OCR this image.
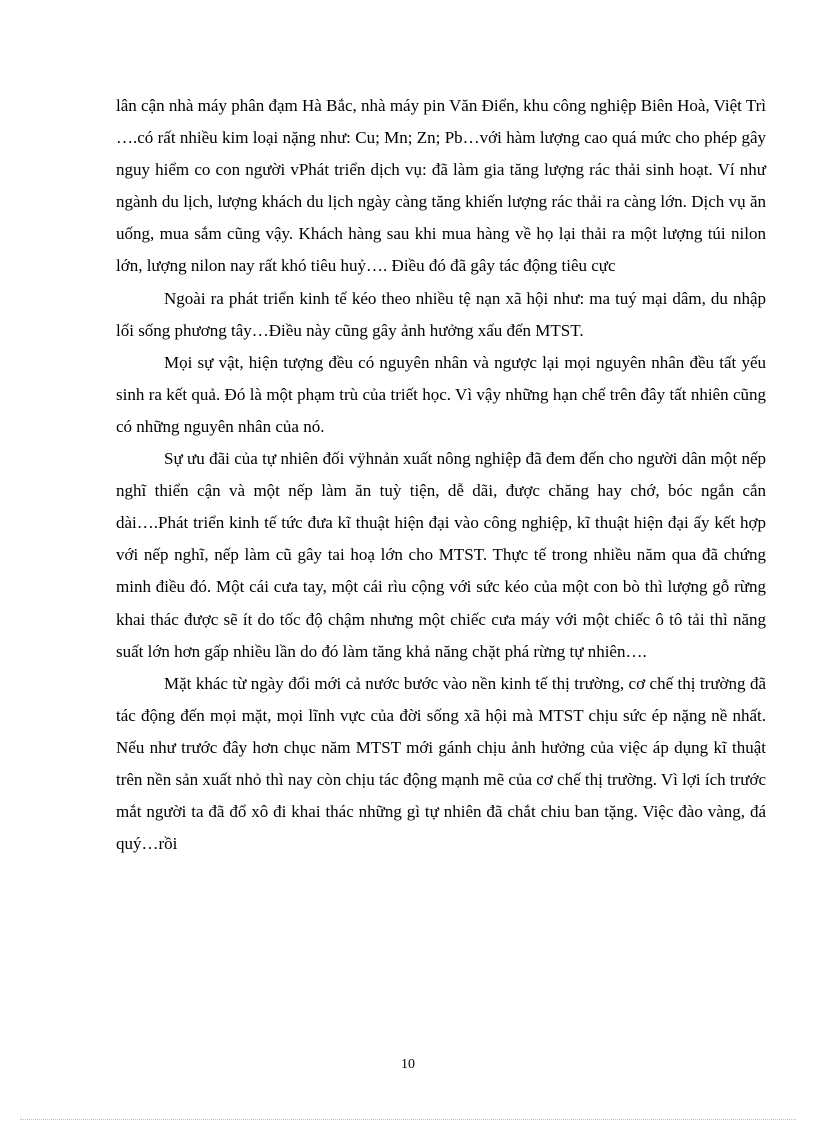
lân cận nhà máy phân đạm Hà Bắc, nhà máy pin Văn Điển, khu công nghiệp Biên Hoà, Việt Trì ….có rất nhiều kim loại nặng như: Cu; Mn; Zn; Pb…với hàm lượng cao quá mức cho phép gây nguy hiểm co con người vPhát triển dịch vụ: đã làm gia tăng lượng rác thải sinh hoạt. Ví như ngành du lịch, lượng khách du lịch ngày càng tăng khiến lượng rác thải ra càng lớn. Dịch vụ ăn uống, mua sắm cũng vậy. Khách hàng sau khi mua hàng về họ lại thải ra một lượng túi nilon lớn, lượng nilon nay rất khó tiêu huỷ…. Điều đó đã gây tác động tiêu cực

Ngoài ra phát triển kinh tế kéo theo nhiều tệ nạn xã hội như: ma tuý mại dâm, du nhập lối sống phương tây…Điều này cũng gây ảnh hưởng xấu đến MTST.

Mọi sự vật, hiện tượng đều có nguyên nhân và ngược lại mọi nguyên nhân đều tất yếu sinh ra kết quả. Đó là một phạm trù của triết học. Vì vậy những hạn chế trên đây tất nhiên cũng có những nguyên nhân của nó.

Sự ưu đãi của tự nhiên đối vÿhnản xuất nông nghiệp đã đem đến cho người dân một nếp nghĩ thiển cận và một nếp làm ăn tuỳ tiện, dễ dãi, được chăng hay chớ, bóc ngắn cắn dài….Phát triển kinh tế tức đưa kĩ thuật hiện đại vào công nghiệp, kĩ thuật hiện đại ấy kết hợp với nếp nghĩ, nếp làm cũ gây tai hoạ lớn cho MTST. Thực tế trong nhiều năm qua đã chứng minh điều đó. Một cái cưa tay, một cái rìu cộng với sức kéo của một con bò thì lượng gỗ rừng khai thác được sẽ ít do tốc độ chậm nhưng một chiếc cưa máy với một chiếc ô tô tải thì năng suất lớn hơn gấp nhiều lần do đó làm tăng khả năng chặt phá rừng tự nhiên….

Mặt khác từ ngày đổi mới cả nước bước vào nền kinh tế thị trường, cơ chế thị trường đã tác động đến mọi mặt, mọi lĩnh vực của đời sống xã hội mà MTST chịu sức ép nặng nề nhất. Nếu như trước đây hơn chục năm MTST mới gánh chịu ảnh hưởng của việc áp dụng kĩ thuật trên nền sản xuất nhỏ thì nay còn chịu tác động mạnh mẽ của cơ chế thị trường. Vì lợi ích trước mắt người ta đã đổ xô đi khai thác những gì tự nhiên đã chắt chiu ban tặng. Việc đào vàng, đá quý…rồi

10
